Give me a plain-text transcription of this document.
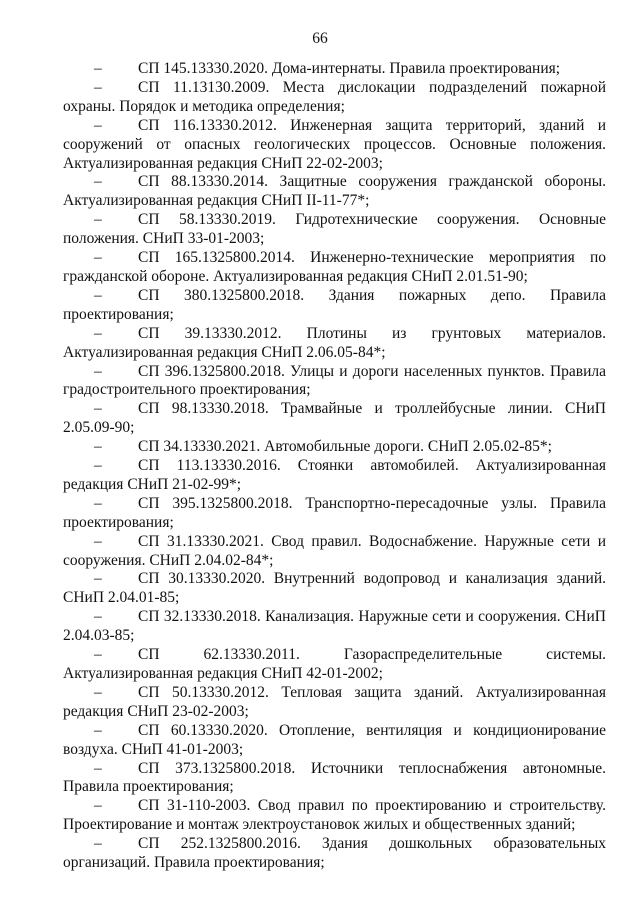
66

– СП 145.13330.2020. Дома-интернаты. Правила проектирования;

– СП 11.13130.2009. Места дислокации подразделений пожарной охраны. Порядок и методика определения;

– СП 116.13330.2012. Инженерная защита территорий, зданий и сооружений от опасных геологических процессов. Основные положения. Актуализированная редакция СНиП 22-02-2003;

– СП 88.13330.2014. Защитные сооружения гражданской обороны. Актуализированная редакция СНиП II-11-77*;

– СП 58.13330.2019. Гидротехнические сооружения. Основные положения. СНиП 33-01-2003;

– СП 165.1325800.2014. Инженерно-технические мероприятия по гражданской обороне. Актуализированная редакция СНиП 2.01.51-90;

– СП 380.1325800.2018. Здания пожарных депо. Правила проектирования;

– СП 39.13330.2012. Плотины из грунтовых материалов. Актуализированная редакция СНиП 2.06.05-84*;

– СП 396.1325800.2018. Улицы и дороги населенных пунктов. Правила градостроительного проектирования;

– СП 98.13330.2018. Трамвайные и троллейбусные линии. СНиП 2.05.09-90;

– СП 34.13330.2021. Автомобильные дороги. СНиП 2.05.02-85*;

– СП 113.13330.2016. Стоянки автомобилей. Актуализированная редакция СНиП 21-02-99*;

– СП 395.1325800.2018. Транспортно-пересадочные узлы. Правила проектирования;

– СП 31.13330.2021. Свод правил. Водоснабжение. Наружные сети и сооружения. СНиП 2.04.02-84*;

– СП 30.13330.2020. Внутренний водопровод и канализация зданий. СНиП 2.04.01-85;

– СП 32.13330.2018. Канализация. Наружные сети и сооружения. СНиП 2.04.03-85;

– СП 62.13330.2011. Газораспределительные системы. Актуализированная редакция СНиП 42-01-2002;

– СП 50.13330.2012. Тепловая защита зданий. Актуализированная редакция СНиП 23-02-2003;

– СП 60.13330.2020. Отопление, вентиляция и кондиционирование воздуха. СНиП 41-01-2003;

– СП 373.1325800.2018. Источники теплоснабжения автономные. Правила проектирования;

– СП 31-110-2003. Свод правил по проектированию и строительству. Проектирование и монтаж электроустановок жилых и общественных зданий;

– СП 252.1325800.2016. Здания дошкольных образовательных организаций. Правила проектирования;
